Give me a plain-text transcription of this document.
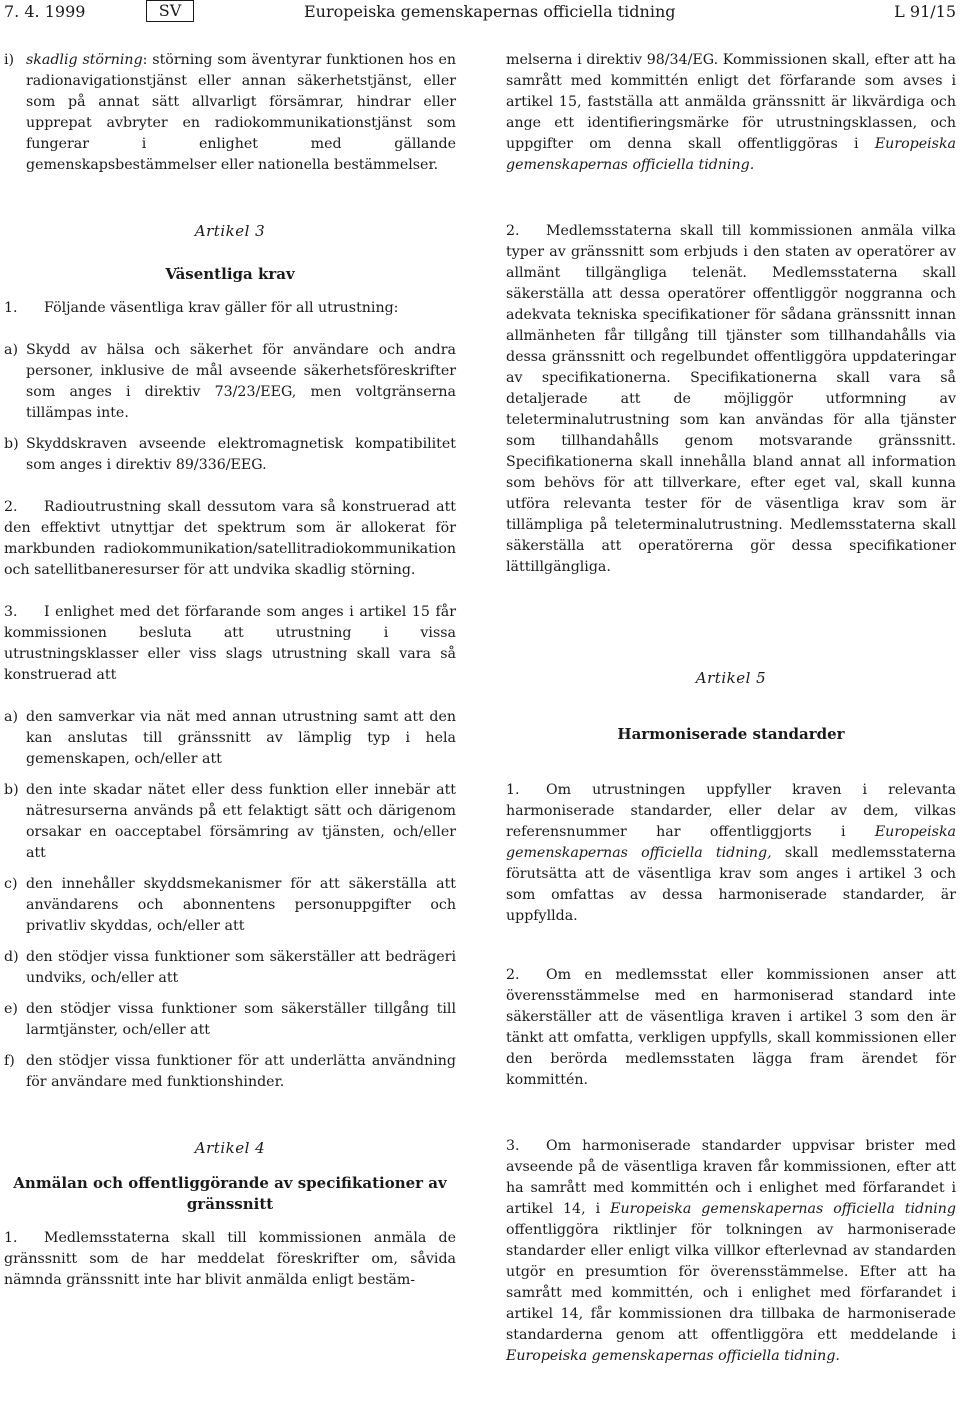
7. 4. 1999	SV	Europeiska gemenskapernas officiella tidning	L 91/15
i) skadlig störning: störning som äventyrar funktionen hos en radionavigationstjänst eller annan säkerhetstjänst, eller som på annat sätt allvarligt försämrar, hindrar eller upprepat avbryter en radiokommunikationstjänst som fungerar i enlighet med gällande gemenskapsbestämmelser eller nationella bestämmelser.

Artikel 3

Väsentliga krav

1. Följande väsentliga krav gäller för all utrustning:

a) Skydd av hälsa och säkerhet för användare och andra personer, inklusive de mål avseende säkerhetsföreskrifter som anges i direktiv 73/23/EEG, men voltgränserna tillämpas inte.
b) Skyddskraven avseende elektromagnetisk kompatibilitet som anges i direktiv 89/336/EEG.

2. Radioutrustning skall dessutom vara så konstruerad att den effektivt utnyttjar det spektrum som är allokerat för markbunden radiokommunikation/satellitradiokommunikation och satellitbaneresurser för att undvika skadlig störning.

3. I enlighet med det förfarande som anges i artikel 15 får kommissionen besluta att utrustning i vissa utrustningsklasser eller viss slags utrustning skall vara så konstruerad att

a) den samverkar via nät med annan utrustning samt att den kan anslutas till gränssnitt av lämplig typ i hela gemenskapen, och/eller att
b) den inte skadar nätet eller dess funktion eller innebär att nätresurserna används på ett felaktigt sätt och därigenom orsakar en oacceptabel försämring av tjänsten, och/eller att
c) den innehåller skyddsmekanismer för att säkerställa att användarens och abonnentens personuppgifter och privatliv skyddas, och/eller att
d) den stödjer vissa funktioner som säkerställer att bedrägeri undviks, och/eller att
e) den stödjer vissa funktioner som säkerställer tillgång till larmtjänster, och/eller att
f) den stödjer vissa funktioner för att underlätta användning för användare med funktionshinder.

Artikel 4

Anmälan och offentliggörande av specifikationer av gränssnitt

1. Medlemsstaterna skall till kommissionen anmäla de gränssnitt som de har meddelat föreskrifter om, såvida nämnda gränssnitt inte har blivit anmälda enligt bestäm-

melserna i direktiv 98/34/EG. Kommissionen skall, efter att ha samrått med kommittén enligt det förfarande som avses i artikel 15, fastställa att anmälda gränssnitt är likvärdiga och ange ett identifieringsmärke för utrustningsklassen, och uppgifter om denna skall offentliggöras i Europeiska gemenskapernas officiella tidning.

2. Medlemsstaterna skall till kommissionen anmäla vilka typer av gränssnitt som erbjuds i den staten av operatörer av allmänt tillgängliga telenät. Medlemsstaterna skall säkerställa att dessa operatörer offentliggör noggranna och adekvata tekniska specifikationer för sådana gränssnitt innan allmänheten får tillgång till tjänster som tillhandahålls via dessa gränssnitt och regelbundet offentliggöra uppdateringar av specifikationerna. Specifikationerna skall vara så detaljerade att de möjliggör utformning av teleterminalutrustning som kan användas för alla tjänster som tillhandahålls genom motsvarande gränssnitt. Specifikationerna skall innehålla bland annat all information som behövs för att tillverkare, efter eget val, skall kunna utföra relevanta tester för de väsentliga krav som är tillämpliga på teleterminalutrustning. Medlemsstaterna skall säkerställa att operatörerna gör dessa specifikationer lättillgängliga.

Artikel 5

Harmoniserade standarder

1. Om utrustningen uppfyller kraven i relevanta harmoniserade standarder, eller delar av dem, vilkas referensnummer har offentliggjorts i Europeiska gemenskapernas officiella tidning, skall medlemsstaterna förutsätta att de väsentliga krav som anges i artikel 3 och som omfattas av dessa harmoniserade standarder, är uppfyllda.

2. Om en medlemsstat eller kommissionen anser att överensstämmelse med en harmoniserad standard inte säkerställer att de väsentliga kraven i artikel 3 som den är tänkt att omfatta, verkligen uppfylls, skall kommissionen eller den berörda medlemsstaten lägga fram ärendet för kommittén.

3. Om harmoniserade standarder uppvisar brister med avseende på de väsentliga kraven får kommissionen, efter att ha samrått med kommittén och i enlighet med förfarandet i artikel 14, i Europeiska gemenskapernas officiella tidning offentliggöra riktlinjer för tolkningen av harmoniserade standarder eller enligt vilka villkor efterlevnad av standarden utgör en presumtion för överensstämmelse. Efter att ha samrått med kommittén, och i enlighet med förfarandet i artikel 14, får kommissionen dra tillbaka de harmoniserade standarderna genom att offentliggöra ett meddelande i Europeiska gemenskapernas officiella tidning.
